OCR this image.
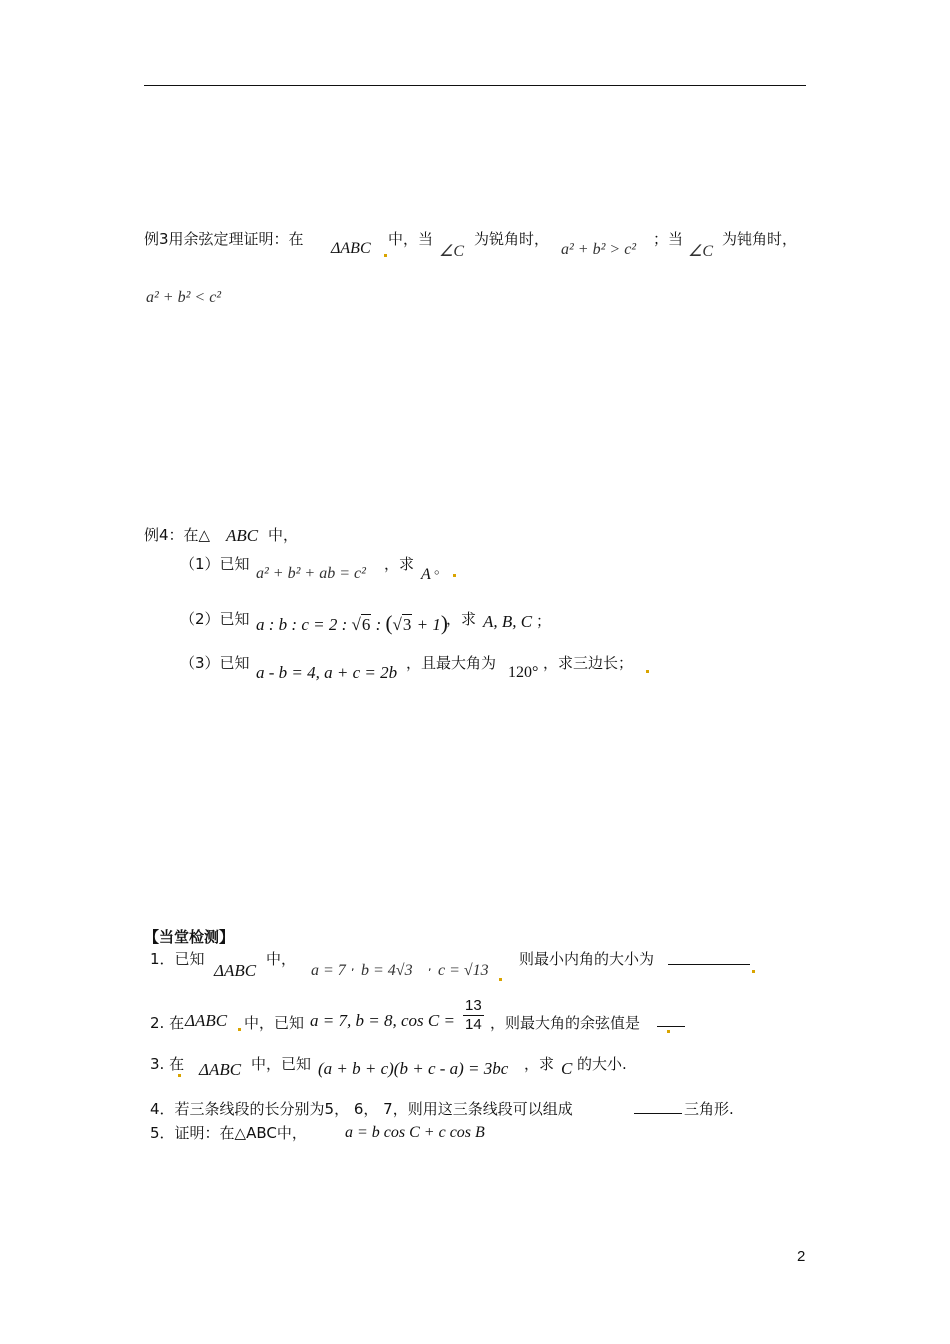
例3用余弦定理证明：在
ΔABC
中，当
∠C
为锐角时，
a² + b² > c²
；当
∠C
为钝角时，
a² + b² < c²
例4：在△ ABC 中，
（1）已知
a² + b² + ab = c²
，求
A 。
（2）已知 a : b : c = 2 : √6 : (√3 + 1)
，求 A, B, C ；
（3）已知 a - b = 4, a + c = 2b ，且最大角为
120°
，求三边长；
【当堂检测】
1．已知
ΔABC
中，
a = 7 , b = 4√3 , c = √13
则最小内角的大小为
2. 在 ΔABC 中，已知 a = 7, b = 8, $\cos C = \frac{13}{14}$ ，则最大角的余弦值是
3. 在 ΔABC 中，已知 (a + b + c)(b + c - a) = 3bc ，求 C 的大小.
4．若三条线段的长分别为5， 6， 7，则用这三条线段可以组成	三角形.
5．证明：在△ABC中， a = b cos C + c cos B
2
